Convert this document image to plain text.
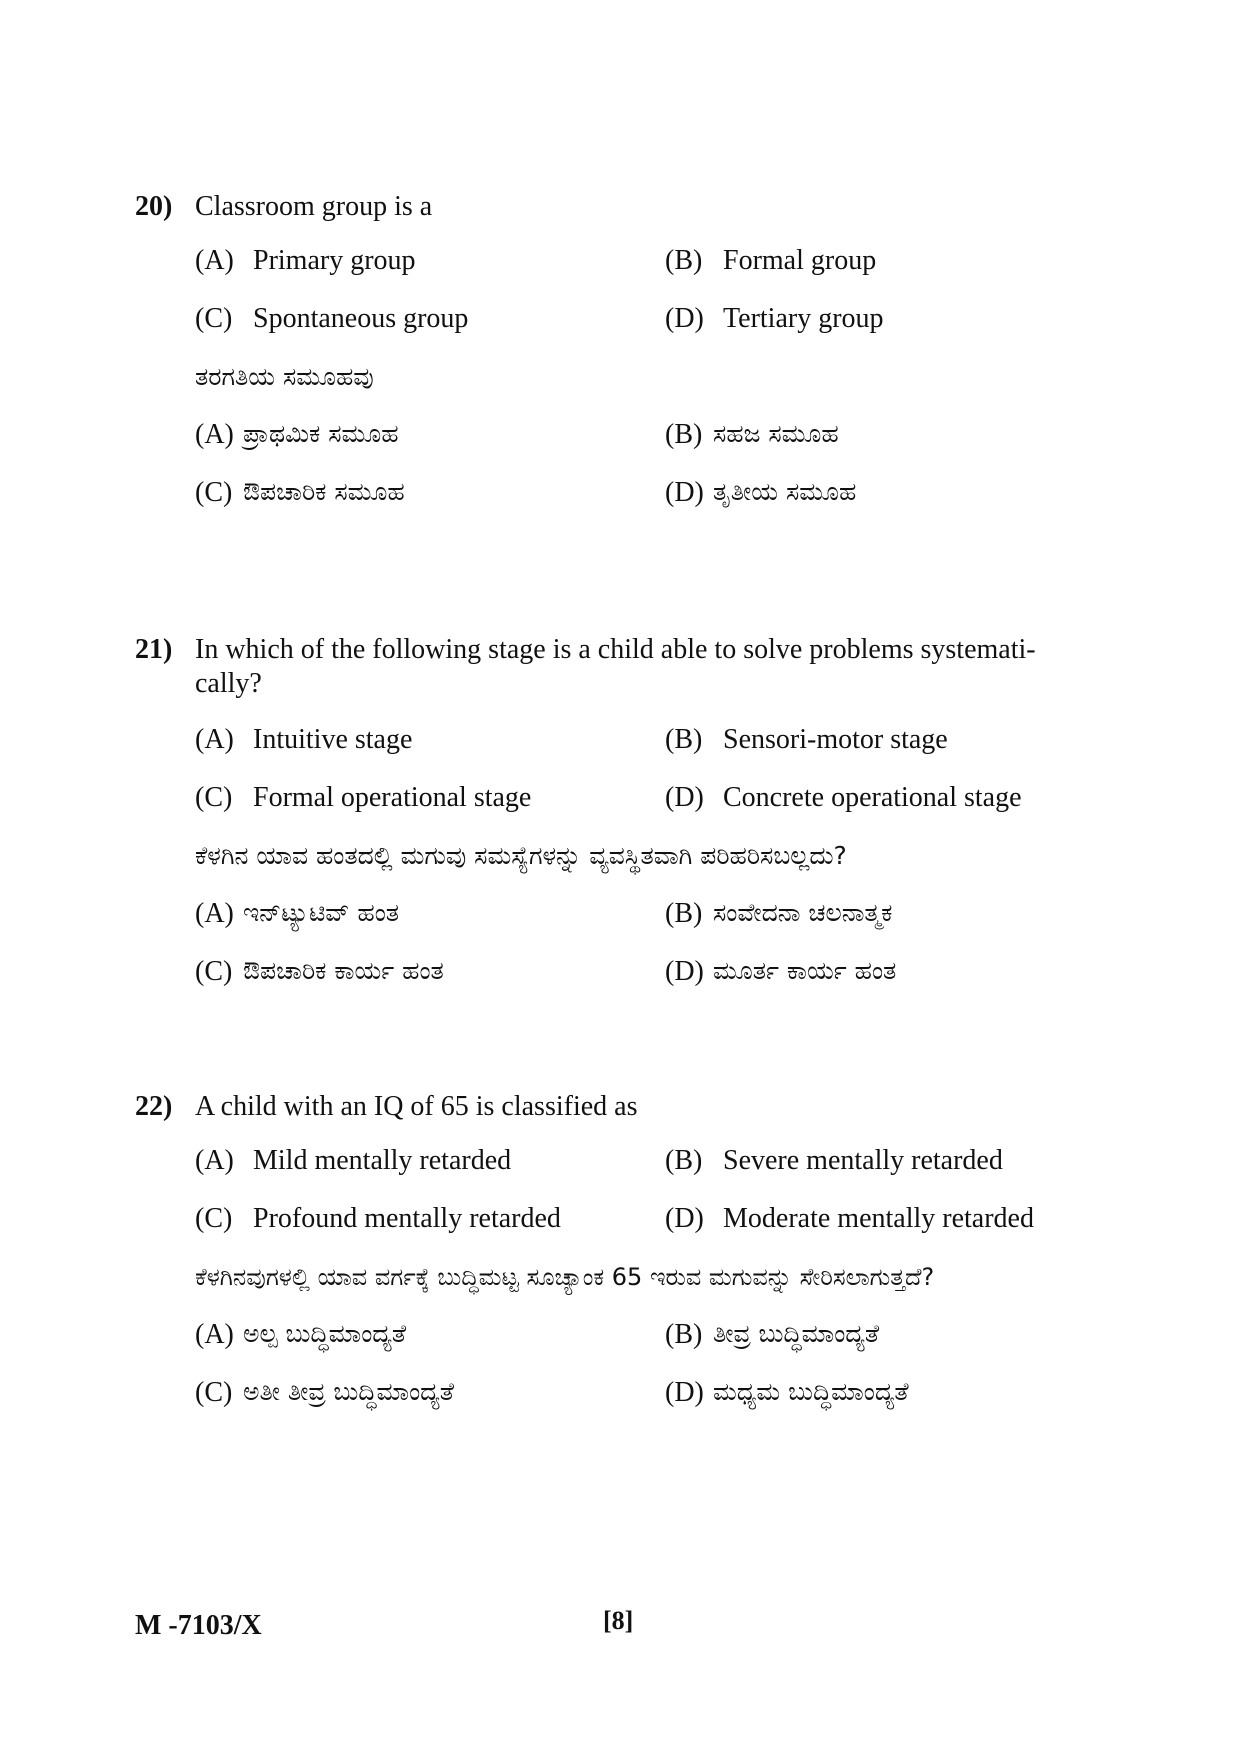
20) Classroom group is a
(A) Primary group	(B) Formal group
(C) Spontaneous group	(D) Tertiary group
ತರಗತಿಯ ಸಮೂಹವು
(A) ಪ್ರಾಥಮಿಕ ಸಮೂಹ	(B) ಸಹಜ ಸಮೂಹ
(C) ಔಪಚಾರಿಕ ಸಮೂಹ	(D) ತೃತೀಯ ಸಮೂಹ
21) In which of the following stage is a child able to solve problems systemati-cally?
(A) Intuitive stage	(B) Sensori-motor stage
(C) Formal operational stage	(D) Concrete operational stage
ಕೆಳಗಿನ ಯಾವ ಹಂತದಲ್ಲಿ ಮಗುವು ಸಮಸ್ಯೆಗಳನ್ನು ವ್ಯವಸ್ಥಿತವಾಗಿ ಪರಿಹರಿಸಬಲ್ಲದು?
(A) ಇನ್‌ಟ್ಯುಟಿವ್ ಹಂತ	(B) ಸಂವೇದನಾ ಚಲನಾತ್ಮಕ
(C) ಔಪಚಾರಿಕ ಕಾರ್ಯ ಹಂತ	(D) ಮೂರ್ತ ಕಾರ್ಯ ಹಂತ
22) A child with an IQ of 65 is classified as
(A) Mild mentally retarded	(B) Severe mentally retarded
(C) Profound mentally retarded	(D) Moderate mentally retarded
ಕೆಳಗಿನವುಗಳಲ್ಲಿ ಯಾವ ವರ್ಗಕ್ಕೆ ಬುದ್ಧಿಮಟ್ಟ ಸೂಚ್ಯಾಂಕ 65 ಇರುವ ಮಗುವನ್ನು ಸೇರಿಸಲಾಗುತ್ತದೆ?
(A) ಅಲ್ಪ ಬುದ್ಧಿಮಾಂದ್ಯತೆ	(B) ತೀವ್ರ ಬುದ್ಧಿಮಾಂದ್ಯತೆ
(C) ಅತೀ ತೀವ್ರ ಬುದ್ಧಿಮಾಂದ್ಯತೆ	(D) ಮಧ್ಯಮ ಬುದ್ಧಿಮಾಂದ್ಯತೆ
M -7103/X	[8]
